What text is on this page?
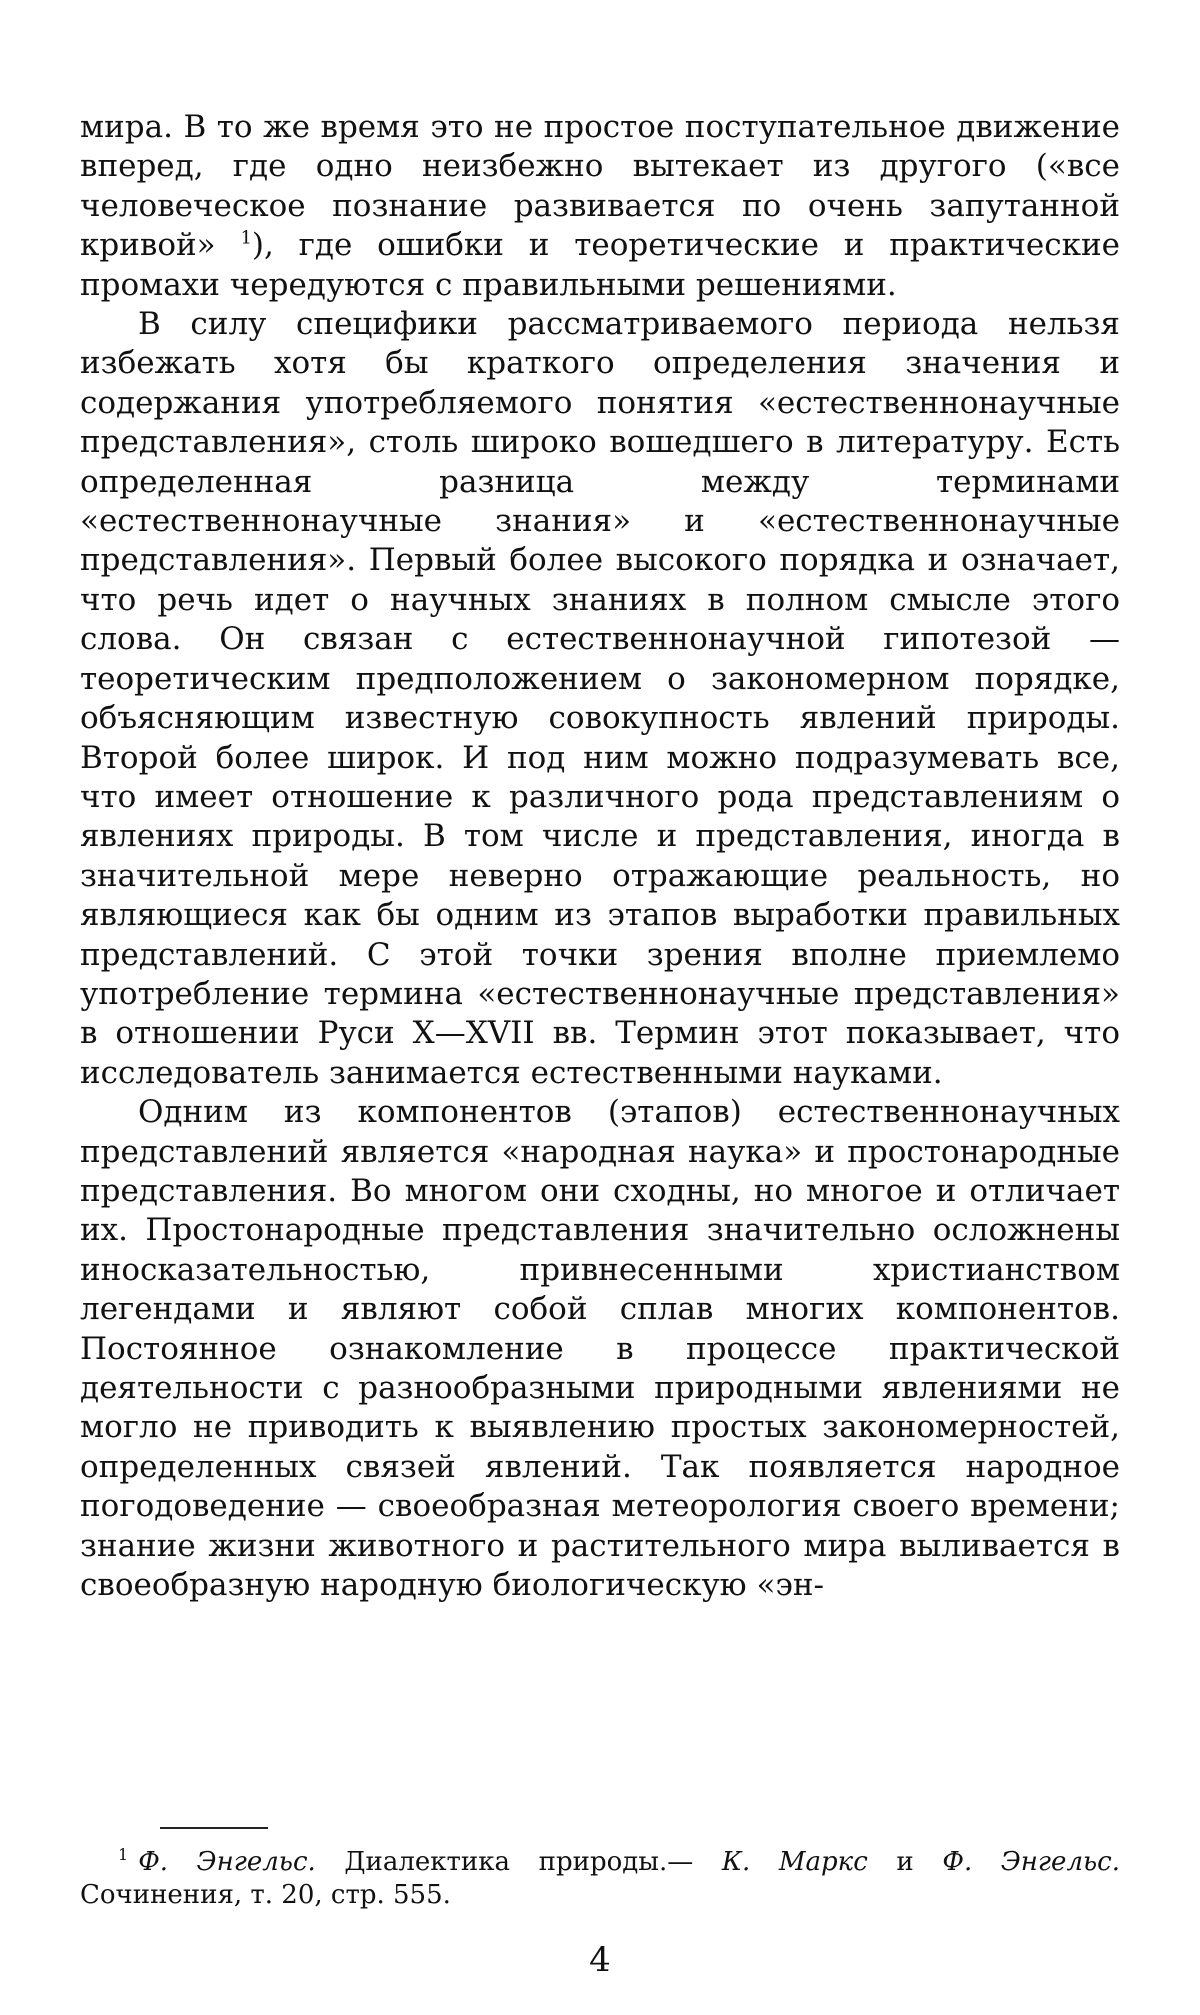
мира. В то же время это не простое поступательное движение вперед, где одно неизбежно вытекает из другого («все человеческое познание развивается по очень запутанной кривой» $^1$), где ошибки и теоретические и практические промахи чередуются с правильными решениями.

В силу специфики рассматриваемого периода нельзя избежать хотя бы краткого определения значения и содержания употребляемого понятия «естественнонаучные представления», столь широко вошедшего в литературу. Есть определенная разница между терминами «естественнонаучные знания» и «естественнонаучные представления». Первый более высокого порядка и означает, что речь идет о научных знаниях в полном смысле этого слова. Он связан с естественнонаучной гипотезой — теоретическим предположением о закономерном порядке, объясняющим известную совокупность явлений природы. Второй более широк. И под ним можно подразумевать все, что имеет отношение к различного рода представлениям о явлениях природы. В том числе и представления, иногда в значительной мере неверно отражающие реальность, но являющиеся как бы одним из этапов выработки правильных представлений. С этой точки зрения вполне приемлемо употребление термина «естественнонаучные представления» в отношении Руси X—XVII вв. Термин этот показывает, что исследователь занимается естественными науками.

Одним из компонентов (этапов) естественнонаучных представлений является «народная наука» и простонародные представления. Во многом они сходны, но многое и отличает их. Простонародные представления значительно осложнены иносказательностью, привнесенными христианством легендами и являют собой сплав многих компонентов. Постоянное ознакомление в процессе практической деятельности с разнообразными природными явлениями не могло не приводить к выявлению простых закономерностей, определенных связей явлений. Так появляется народное погодоведение — своеобразная метеорология своего времени; знание жизни животного и растительного мира выливается в своеобразную народную биологическую «эн-

$^1$ Ф. Энгельс. Диалектика природы.— К. Маркс и Ф. Энгельс. Сочинения, т. 20, стр. 555.
4
